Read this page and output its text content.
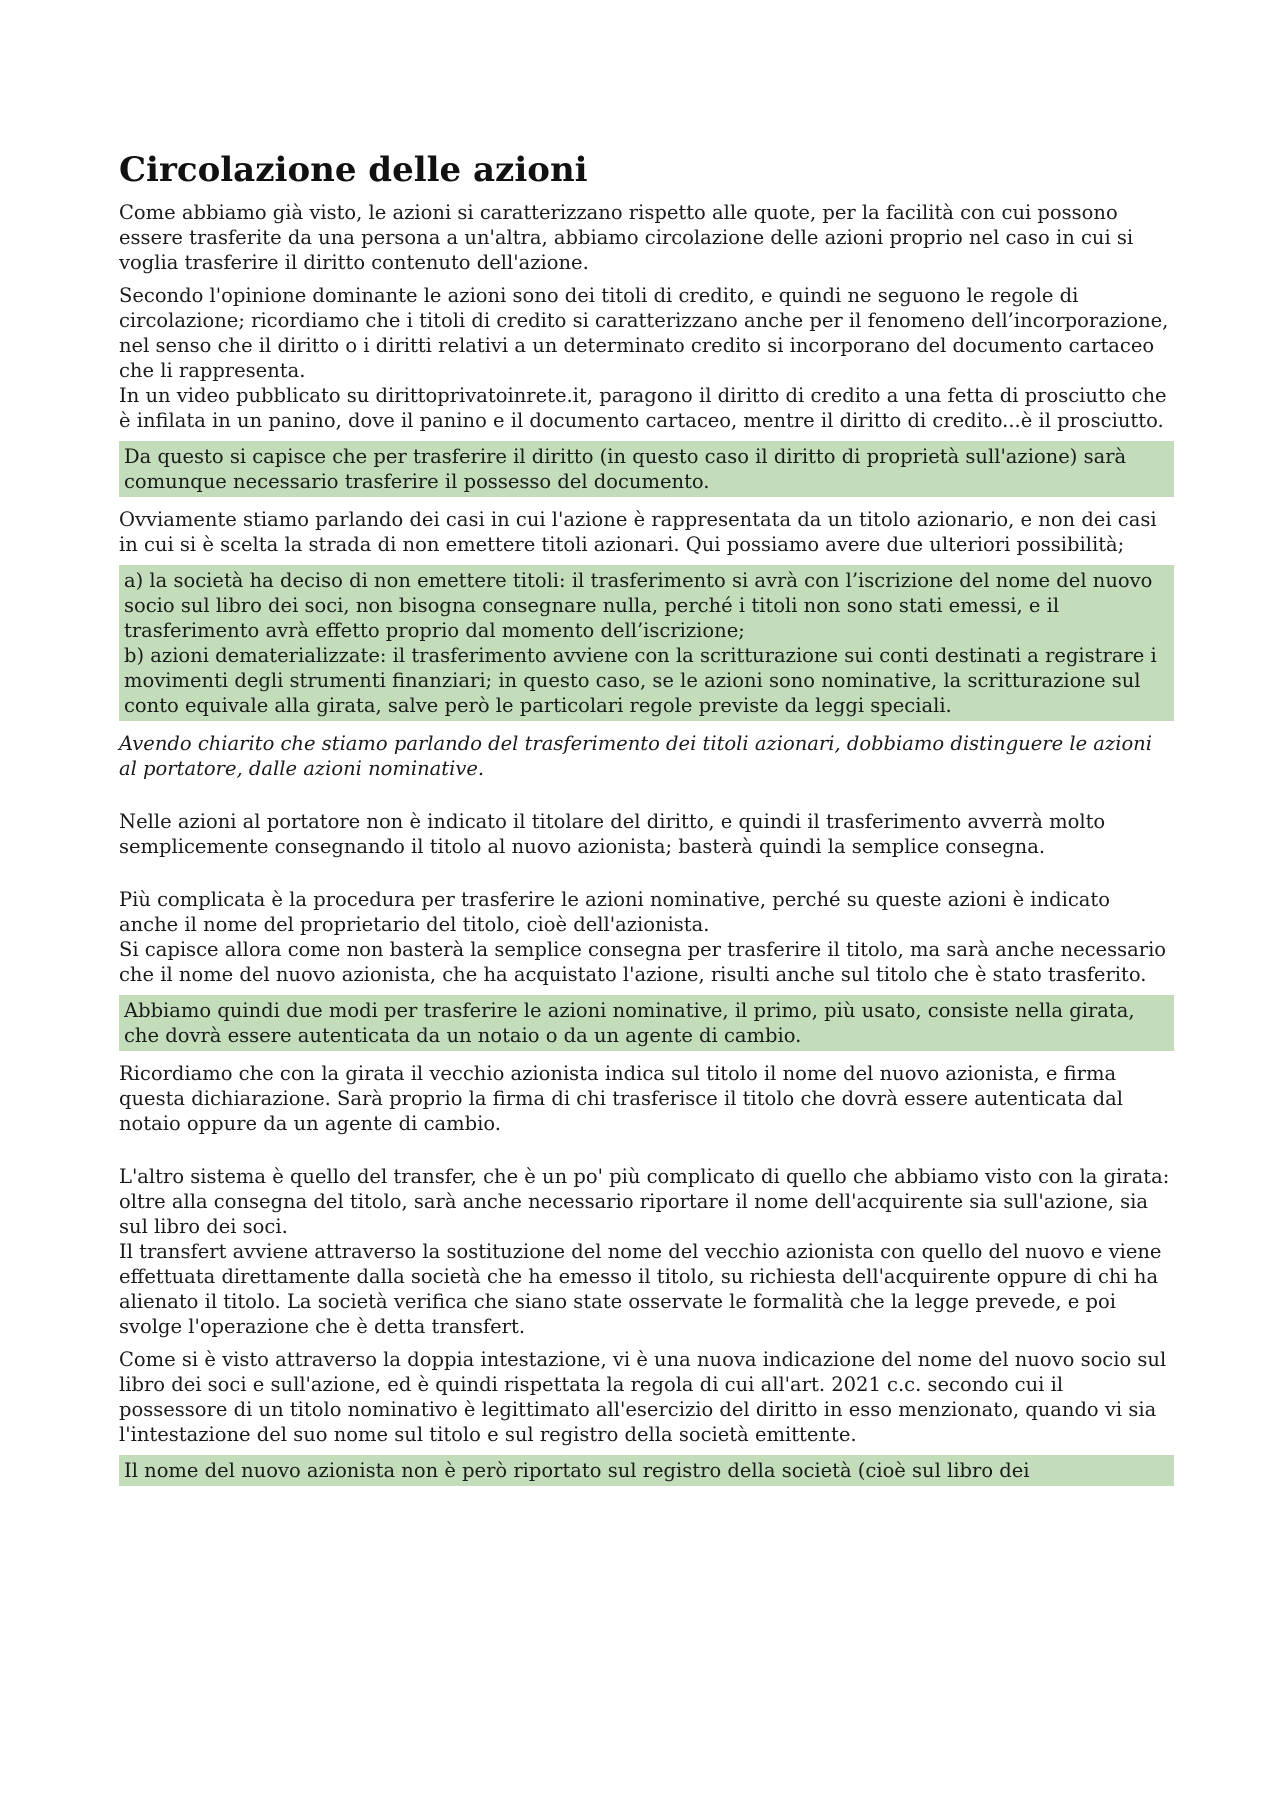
Circolazione delle azioni

Come abbiamo già visto, le azioni si caratterizzano rispetto alle quote, per la facilità con cui possono essere trasferite da una persona a un'altra, abbiamo circolazione delle azioni proprio nel caso in cui si voglia trasferire il diritto contenuto dell'azione.

Secondo l'opinione dominante le azioni sono dei titoli di credito, e quindi ne seguono le regole di circolazione; ricordiamo che i titoli di credito si caratterizzano anche per il fenomeno dell’incorporazione, nel senso che il diritto o i diritti relativi a un determinato credito si incorporano del documento cartaceo che li rappresenta.
In un video pubblicato su dirittoprivatoinrete.it, paragono il diritto di credito a una fetta di prosciutto che è infilata in un panino, dove il panino e il documento cartaceo, mentre il diritto di credito...è il prosciutto.

Da questo si capisce che per trasferire il diritto (in questo caso il diritto di proprietà sull'azione) sarà comunque necessario trasferire il possesso del documento.

Ovviamente stiamo parlando dei casi in cui l'azione è rappresentata da un titolo azionario, e non dei casi in cui si è scelta la strada di non emettere titoli azionari. Qui possiamo avere due ulteriori possibilità;

a) la società ha deciso di non emettere titoli: il trasferimento si avrà con l’iscrizione del nome del nuovo socio sul libro dei soci, non bisogna consegnare nulla, perché i titoli non sono stati emessi, e il trasferimento avrà effetto proprio dal momento dell’iscrizione;
b) azioni dematerializzate: il trasferimento avviene con la scritturazione sui conti destinati a registrare i movimenti degli strumenti finanziari; in questo caso, se le azioni sono nominative, la scritturazione sul conto equivale alla girata, salve però le particolari regole previste da leggi speciali.

Avendo chiarito che stiamo parlando del trasferimento dei titoli azionari, dobbiamo distinguere le azioni al portatore, dalle azioni nominative.

Nelle azioni al portatore non è indicato il titolare del diritto, e quindi il trasferimento avverrà molto semplicemente consegnando il titolo al nuovo azionista; basterà quindi la semplice consegna.

Più complicata è la procedura per trasferire le azioni nominative, perché su queste azioni è indicato anche il nome del proprietario del titolo, cioè dell'azionista.
Si capisce allora come non basterà la semplice consegna per trasferire il titolo, ma sarà anche necessario che il nome del nuovo azionista, che ha acquistato l'azione, risulti anche sul titolo che è stato trasferito.

Abbiamo quindi due modi per trasferire le azioni nominative, il primo, più usato, consiste nella girata, che dovrà essere autenticata da un notaio o da un agente di cambio.

Ricordiamo che con la girata il vecchio azionista indica sul titolo il nome del nuovo azionista, e firma questa dichiarazione. Sarà proprio la firma di chi trasferisce il titolo che dovrà essere autenticata dal notaio oppure da un agente di cambio.

L'altro sistema è quello del transfer, che è un po' più complicato di quello che abbiamo visto con la girata: oltre alla consegna del titolo, sarà anche necessario riportare il nome dell'acquirente sia sull'azione, sia sul libro dei soci.
Il transfert avviene attraverso la sostituzione del nome del vecchio azionista con quello del nuovo e viene effettuata direttamente dalla società che ha emesso il titolo, su richiesta dell'acquirente oppure di chi ha alienato il titolo. La società verifica che siano state osservate le formalità che la legge prevede, e poi svolge l'operazione che è detta transfert.

Come si è visto attraverso la doppia intestazione, vi è una nuova indicazione del nome del nuovo socio sul libro dei soci e sull'azione, ed è quindi rispettata la regola di cui all'art. 2021 c.c. secondo cui il possessore di un titolo nominativo è legittimato all'esercizio del diritto in esso menzionato, quando vi sia l'intestazione del suo nome sul titolo e sul registro della società emittente.

Il nome del nuovo azionista non è però riportato sul registro della società (cioè sul libro dei
